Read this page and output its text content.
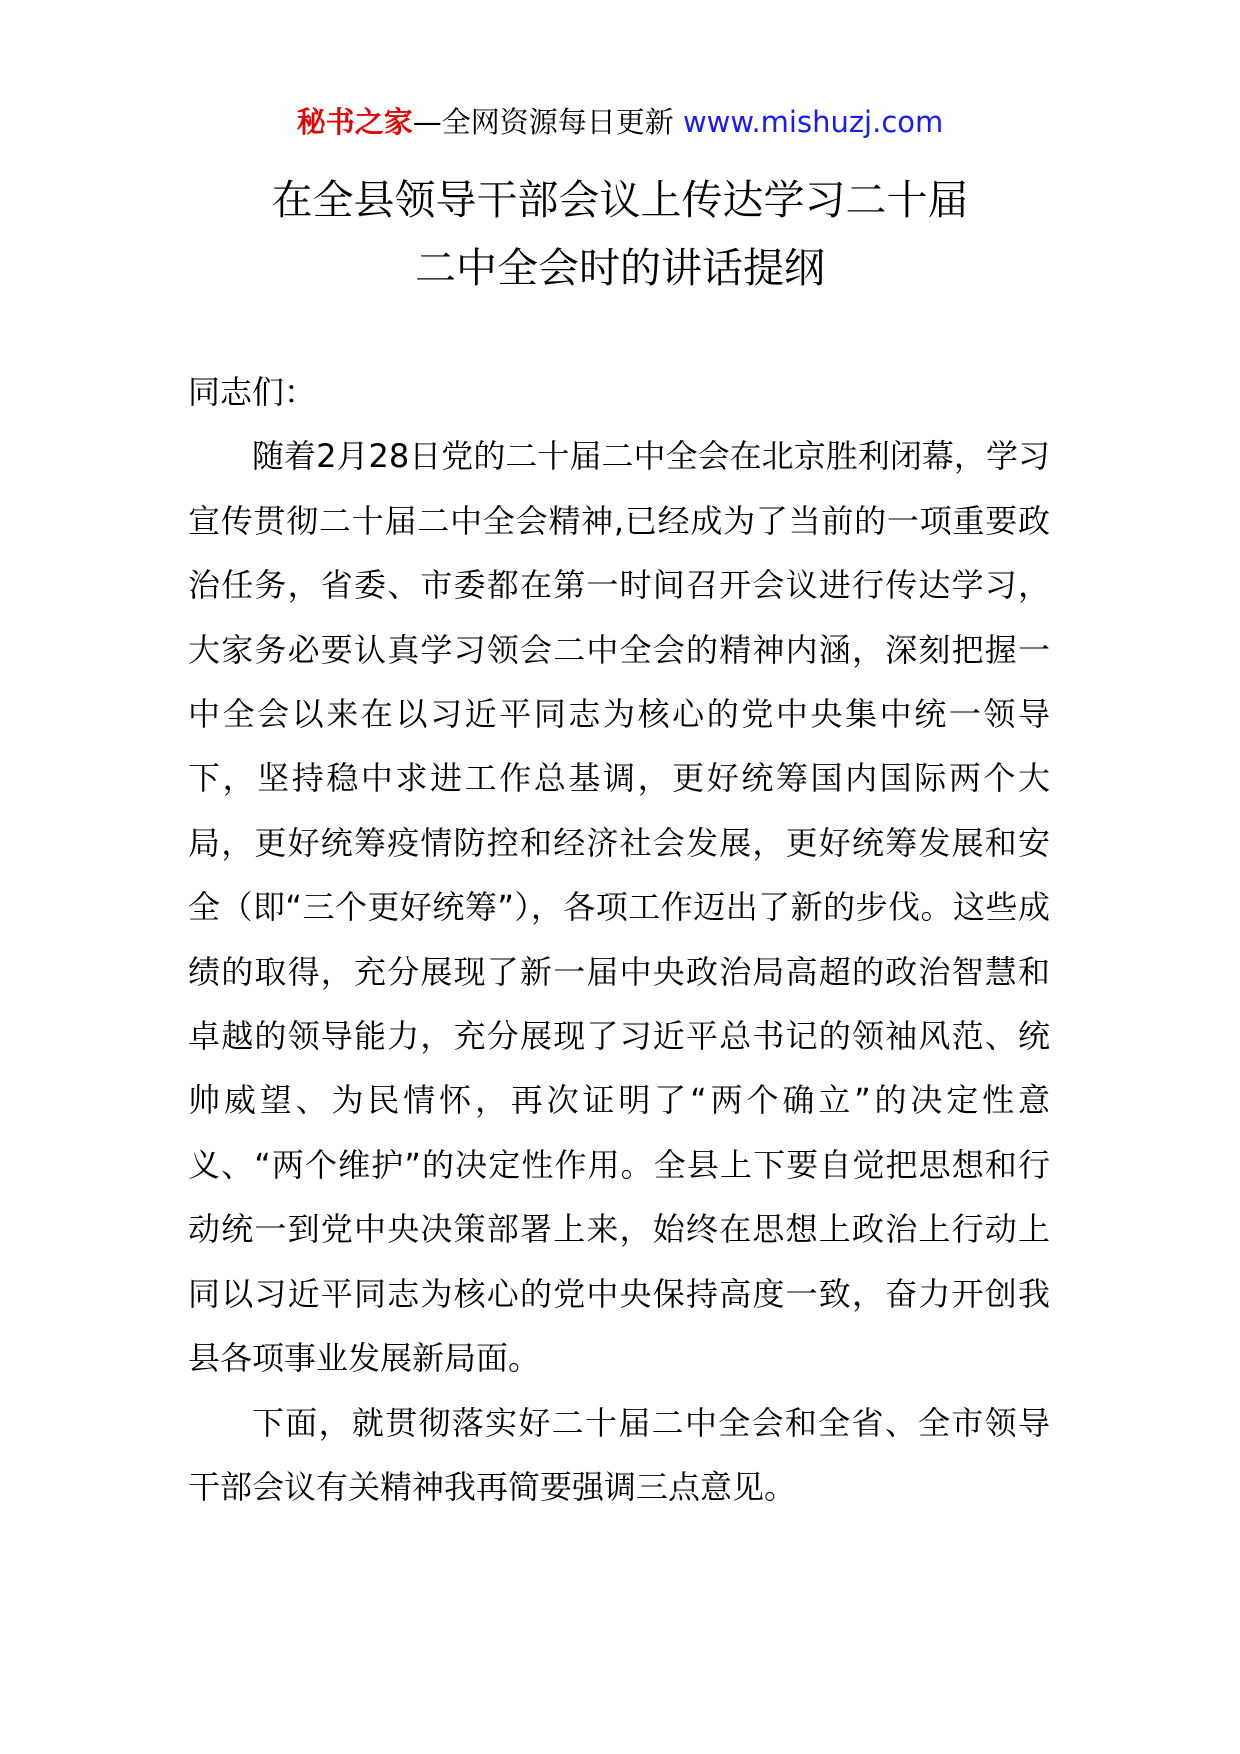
秘书之家—全网资源每日更新 www.mishuzj.com
在全县领导干部会议上传达学习二十届
二中全会时的讲话提纲

同志们：

随着2月28日党的二十届二中全会在北京胜利闭幕，学习宣传贯彻二十届二中全会精神,已经成为了当前的一项重要政治任务，省委、市委都在第一时间召开会议进行传达学习，大家务必要认真学习领会二中全会的精神内涵，深刻把握一中全会以来在以习近平同志为核心的党中央集中统一领导下，坚持稳中求进工作总基调，更好统筹国内国际两个大局，更好统筹疫情防控和经济社会发展，更好统筹发展和安全（即“三个更好统筹”），各项工作迈出了新的步伐。这些成绩的取得，充分展现了新一届中央政治局高超的政治智慧和卓越的领导能力，充分展现了习近平总书记的领袖风范、统帅威望、为民情怀，再次证明了“两个确立”的决定性意义、“两个维护”的决定性作用。全县上下要自觉把思想和行动统一到党中央决策部署上来，始终在思想上政治上行动上同以习近平同志为核心的党中央保持高度一致，奋力开创我县各项事业发展新局面。

下面，就贯彻落实好二十届二中全会和全省、全市领导干部会议有关精神我再简要强调三点意见。
